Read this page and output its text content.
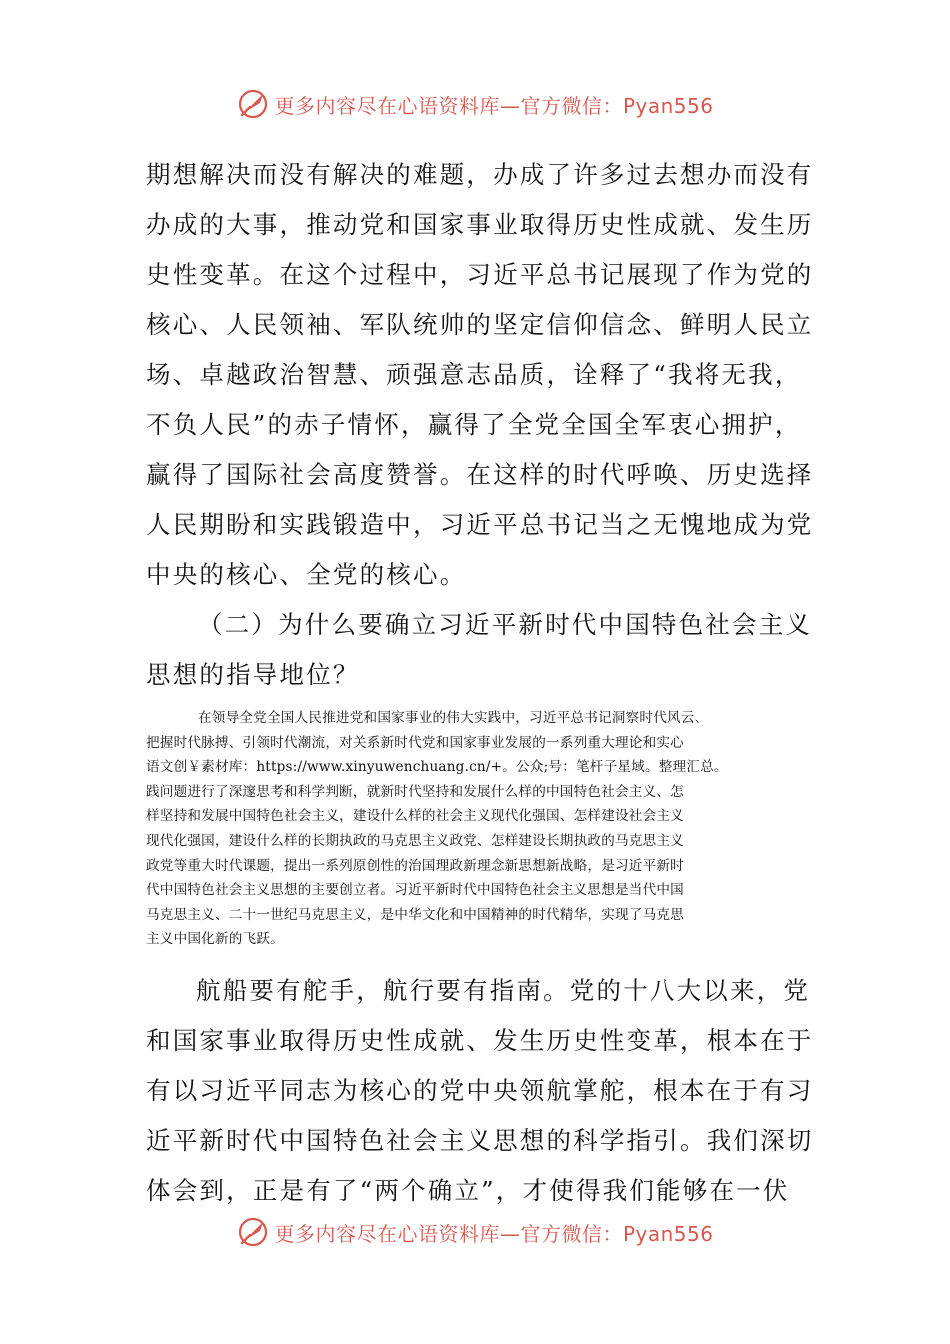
更多内容尽在心语资料库—官方微信：Pyan556
期想解决而没有解决的难题，办成了许多过去想办而没有
办成的大事，推动党和国家事业取得历史性成就、发生历
史性变革。在这个过程中，习近平总书记展现了作为党的
核心、人民领袖、军队统帅的坚定信仰信念、鲜明人民立
场、卓越政治智慧、顽强意志品质，诠释了“我将无我，
不负人民”的赤子情怀，赢得了全党全国全军衷心拥护，
赢得了国际社会高度赞誉。在这样的时代呼唤、历史选择
人民期盼和实践锻造中，习近平总书记当之无愧地成为党
中央的核心、全党的核心。
（二）为什么要确立习近平新时代中国特色社会主义
思想的指导地位？
在领导全党全国人民推进党和国家事业的伟大实践中，习近平总书记洞察时代风云、
把握时代脉搏、引领时代潮流，对关系新时代党和国家事业发展的一系列重大理论和实心
语文创￥素材库：https://www.xinyuwenchuang.cn/+。公众;号：笔杆子星域。整理汇总。
践问题进行了深邃思考和科学判断，就新时代坚持和发展什么样的中国特色社会主义、怎
样坚持和发展中国特色社会主义，建设什么样的社会主义现代化强国、怎样建设社会主义
现代化强国，建设什么样的长期执政的马克思主义政党、怎样建设长期执政的马克思主义
政党等重大时代课题，提出一系列原创性的治国理政新理念新思想新战略，是习近平新时
代中国特色社会主义思想的主要创立者。习近平新时代中国特色社会主义思想是当代中国
马克思主义、二十一世纪马克思主义，是中华文化和中国精神的时代精华，实现了马克思
主义中国化新的飞跃。
航船要有舵手，航行要有指南。党的十八大以来，党
和国家事业取得历史性成就、发生历史性变革，根本在于
有以习近平同志为核心的党中央领航掌舵，根本在于有习
近平新时代中国特色社会主义思想的科学指引。我们深切
体会到，正是有了“两个确立”，才使得我们能够在一伏
更多内容尽在心语资料库—官方微信：Pyan556
